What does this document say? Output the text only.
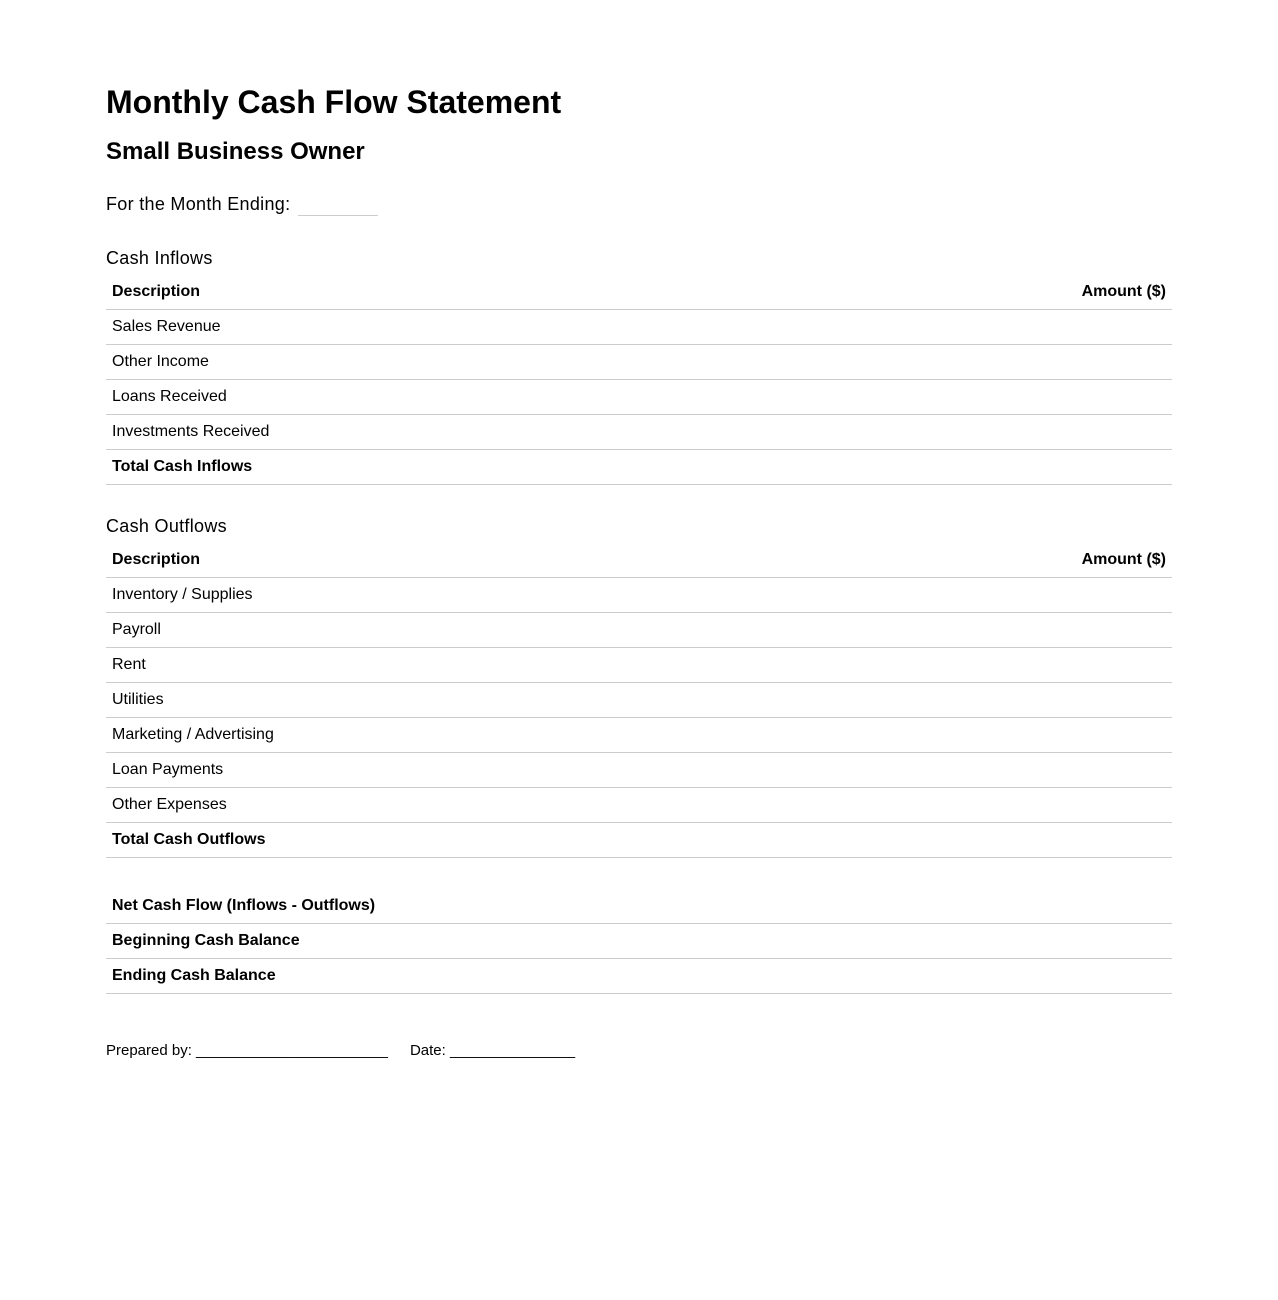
Monthly Cash Flow Statement
Small Business Owner
For the Month Ending:
Cash Inflows
Description	Amount ($)
Sales Revenue	
Other Income	
Loans Received	
Investments Received	
Total Cash Inflows	
Cash Outflows
Description	Amount ($)
Inventory / Supplies	
Payroll	
Rent	
Utilities	
Marketing / Advertising	
Loan Payments	
Other Expenses	
Total Cash Outflows	
Net Cash Flow (Inflows - Outflows)	
Beginning Cash Balance	
Ending Cash Balance	
Prepared by: _______________________ Date: _______________
